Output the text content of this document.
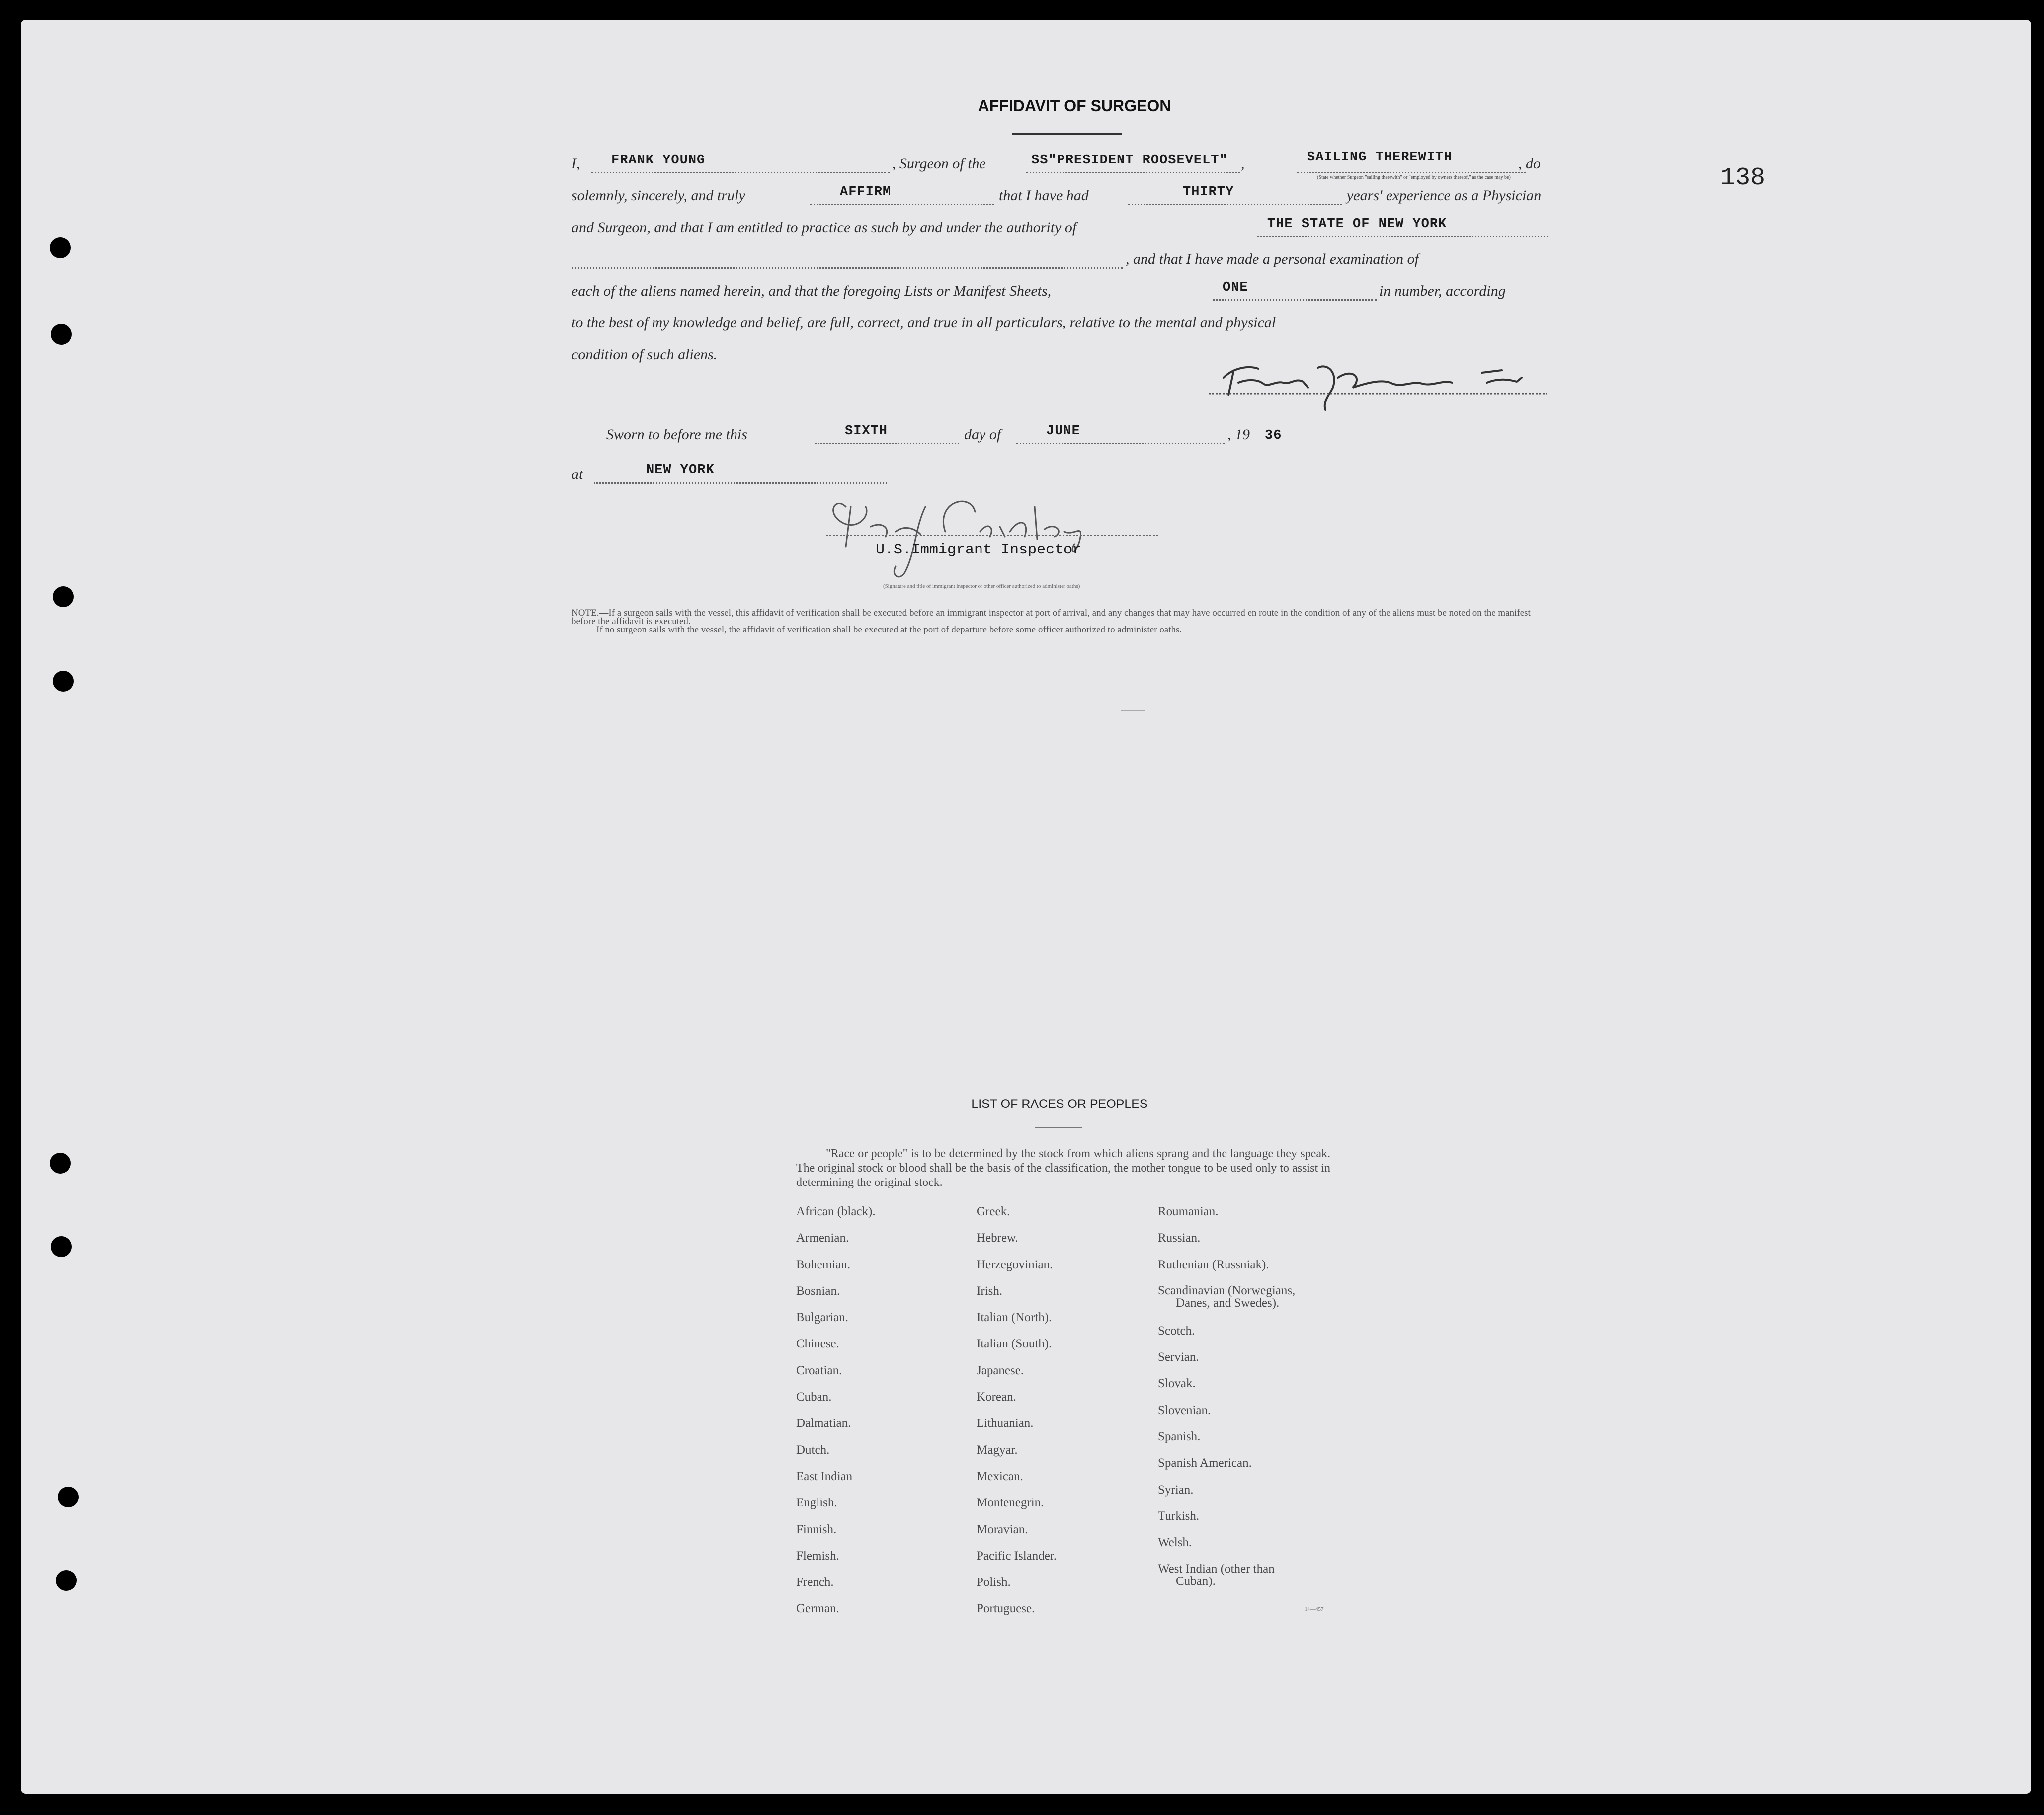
138
AFFIDAVIT OF SURGEON
I, FRANK YOUNG	, Surgeon of the	SS"PRESIDENT ROOSEVELT" ,	SAILING THEREWITH
(State whether Surgeon "sailing therewith" or "employed by owners thereof," as the case may be)
, do
solemnly, sincerely, and truly	AFFIRM	that I have had	THIRTY	years' experience as a Physician
and Surgeon, and that I am entitled to practice as such by and under the authority of	THE STATE OF NEW YORK
, and that I have made a personal examination of
each of the aliens named herein, and that the foregoing Lists or Manifest Sheets,	ONE	in number, according
to the best of my knowledge and belief, are full, correct, and true in all particulars, relative to the mental and physical
condition of such aliens.
Sworn to before me this	SIXTH	day of	JUNE	, 19 36
at	NEW YORK
U.S.Immigrant Inspector
(Signature and title of immigrant inspector or other officer authorized to administer oaths)

NOTE.—If a surgeon sails with the vessel, this affidavit of verification shall be executed before an immigrant inspector at port of arrival, and any changes that may have occurred en route in the condition of any of the aliens must be noted on the manifest before the affidavit is executed.

If no surgeon sails with the vessel, the affidavit of verification shall be executed at the port of departure before some officer authorized to administer oaths.

LIST OF RACES OR PEOPLES
"Race or people" is to be determined by the stock from which aliens sprang and the language they speak. The original stock or blood shall be the basis of the classification, the mother tongue to be used only to assist in determining the original stock.
African (black).
Armenian.
Bohemian.
Bosnian.
Bulgarian.
Chinese.
Croatian.
Cuban.
Dalmatian.
Dutch.
East Indian
English.
Finnish.
Flemish.
French.
German.
Greek.
Hebrew.
Herzegovinian.
Irish.
Italian (North).
Italian (South).
Japanese.
Korean.
Lithuanian.
Magyar.
Mexican.
Montenegrin.
Moravian.
Pacific Islander.
Polish.
Portuguese.
Roumanian.
Russian.
Ruthenian (Russniak).
Scandinavian (Norwegians,
Danes, and Swedes).
Scotch.
Servian.
Slovak.
Slovenian.
Spanish.
Spanish American.
Syrian.
Turkish.
Welsh.
West Indian (other than
Cuban).
14—457
